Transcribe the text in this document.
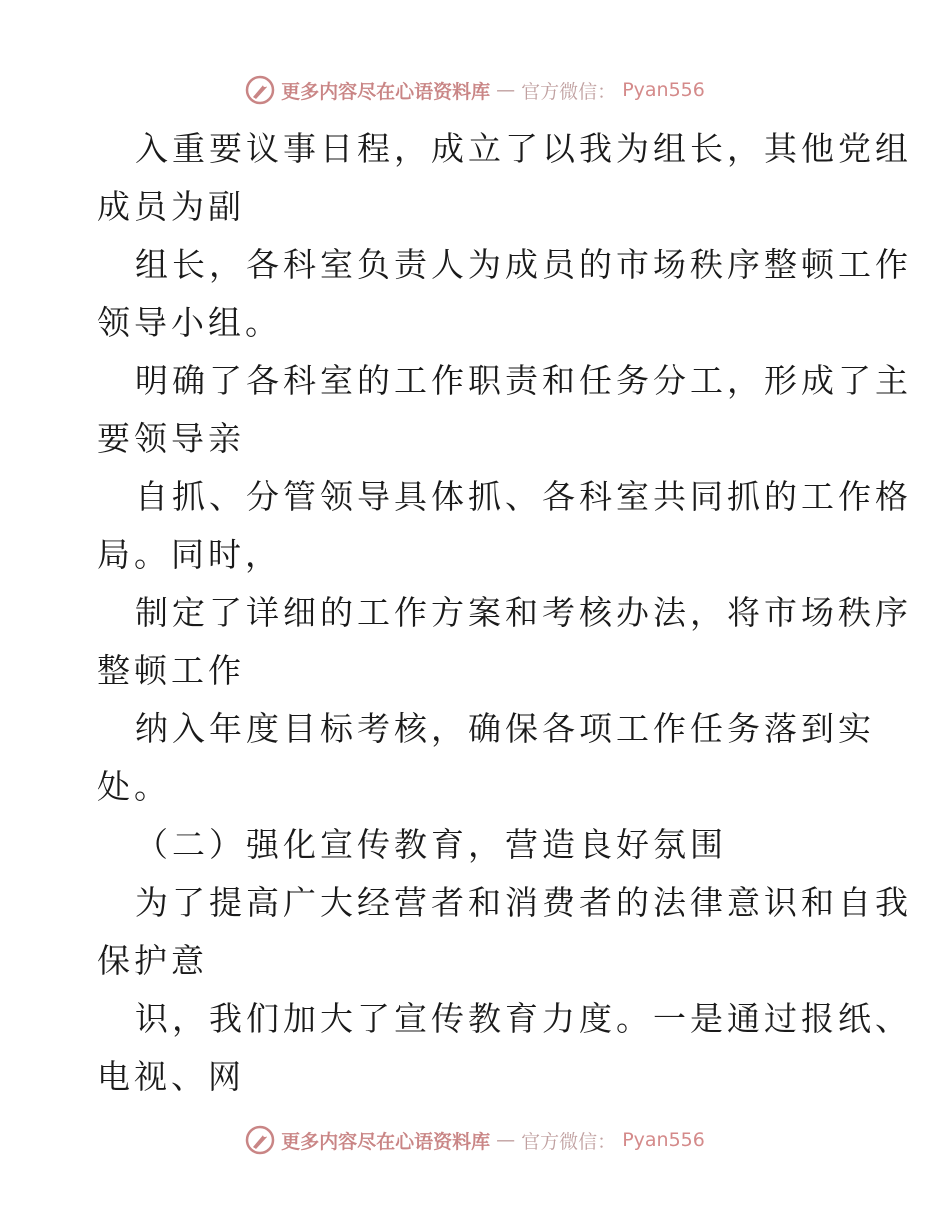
更多内容尽在心语资料库 — 官方微信： Pyan556

入重要议事日程，成立了以我为组长，其他党组

成员为副

组长，各科室负责人为成员的市场秩序整顿工作

领导小组。

明确了各科室的工作职责和任务分工，形成了主

要领导亲

自抓、分管领导具体抓、各科室共同抓的工作格

局。同时，

制定了详细的工作方案和考核办法，将市场秩序

整顿工作

纳入年度目标考核，确保各项工作任务落到实

处。

（二）强化宣传教育，营造良好氛围

为了提高广大经营者和消费者的法律意识和自我

保护意

识，我们加大了宣传教育力度。一是通过报纸、

电视、网

更多内容尽在心语资料库 — 官方微信： Pyan556
